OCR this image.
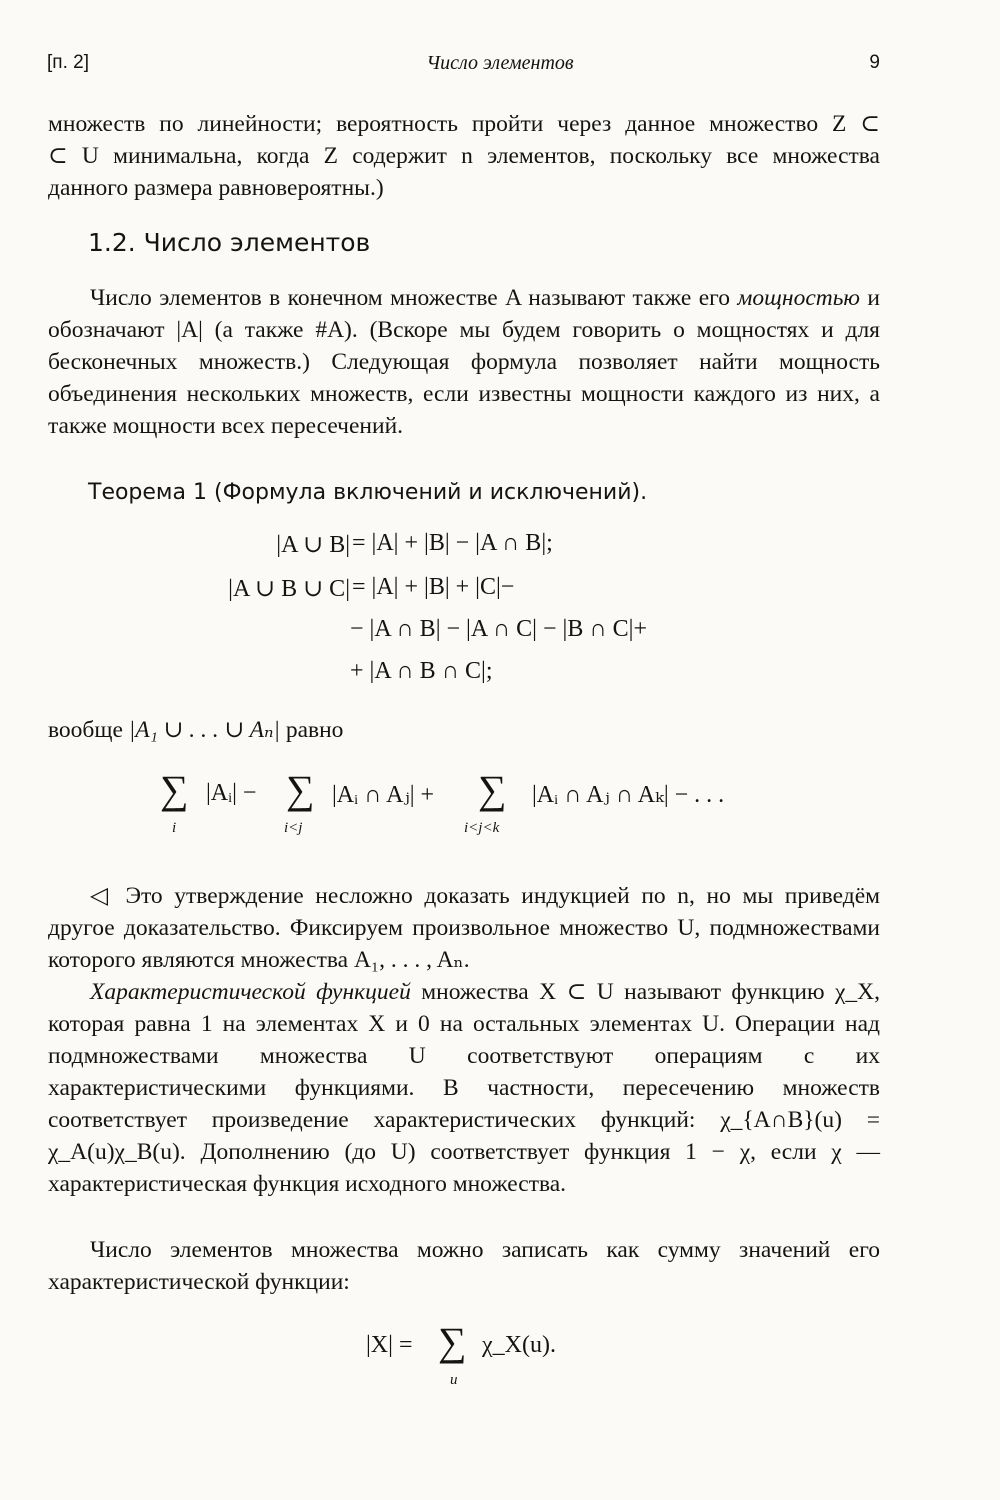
[п. 2]	Число элементов	9
множеств по линейности; вероятность пройти через данное множество Z ⊂
⊂ U минимальна, когда Z содержит n элементов, поскольку все множества
данного размера равновероятны.)
1.2. Число элементов
Число элементов в конечном множестве A называют также его мощностью и обозначают |A| (а также #A). (Вскоре мы будем говорить о мощностях и для бесконечных множеств.) Следующая формула позволяет найти мощность объединения нескольких множеств, если известны мощности каждого из них, а также мощности всех пересечений.
Теорема 1 (Формула включений и исключений).
|A ∪ B| = |A| + |B| − |A ∩ B|;
|A ∪ B ∪ C| = |A| + |B| + |C|−
− |A ∩ B| − |A ∩ C| − |B ∩ C|+
+ |A ∩ B ∩ C|;
вообще |A₁ ∪ . . . ∪ Aₙ| равно
∑ |Aᵢ| − ∑ |Aᵢ ∩ Aⱼ| + ∑ |Aᵢ ∩ Aⱼ ∩ Aₖ| − . . .
i	i<j	i<j<k
◁ Это утверждение несложно доказать индукцией по n, но мы приведём другое доказательство. Фиксируем произвольное множество U, подмножествами которого являются множества A₁, . . . , Aₙ.
Характеристической функцией множества X ⊂ U называют функцию χ_X, которая равна 1 на элементах X и 0 на остальных элементах U. Операции над подмножествами множества U соответствуют операциям с их характеристическими функциями. В частности, пересечению множеств соответствует произведение характеристических функций: χ_{A∩B}(u) = χ_A(u)χ_B(u). Дополнению (до U) соответствует функция 1 − χ, если χ — характеристическая функция исходного множества.
Число элементов множества можно записать как сумму значений его характеристической функции:
|X| = ∑ χ_X(u).
u
